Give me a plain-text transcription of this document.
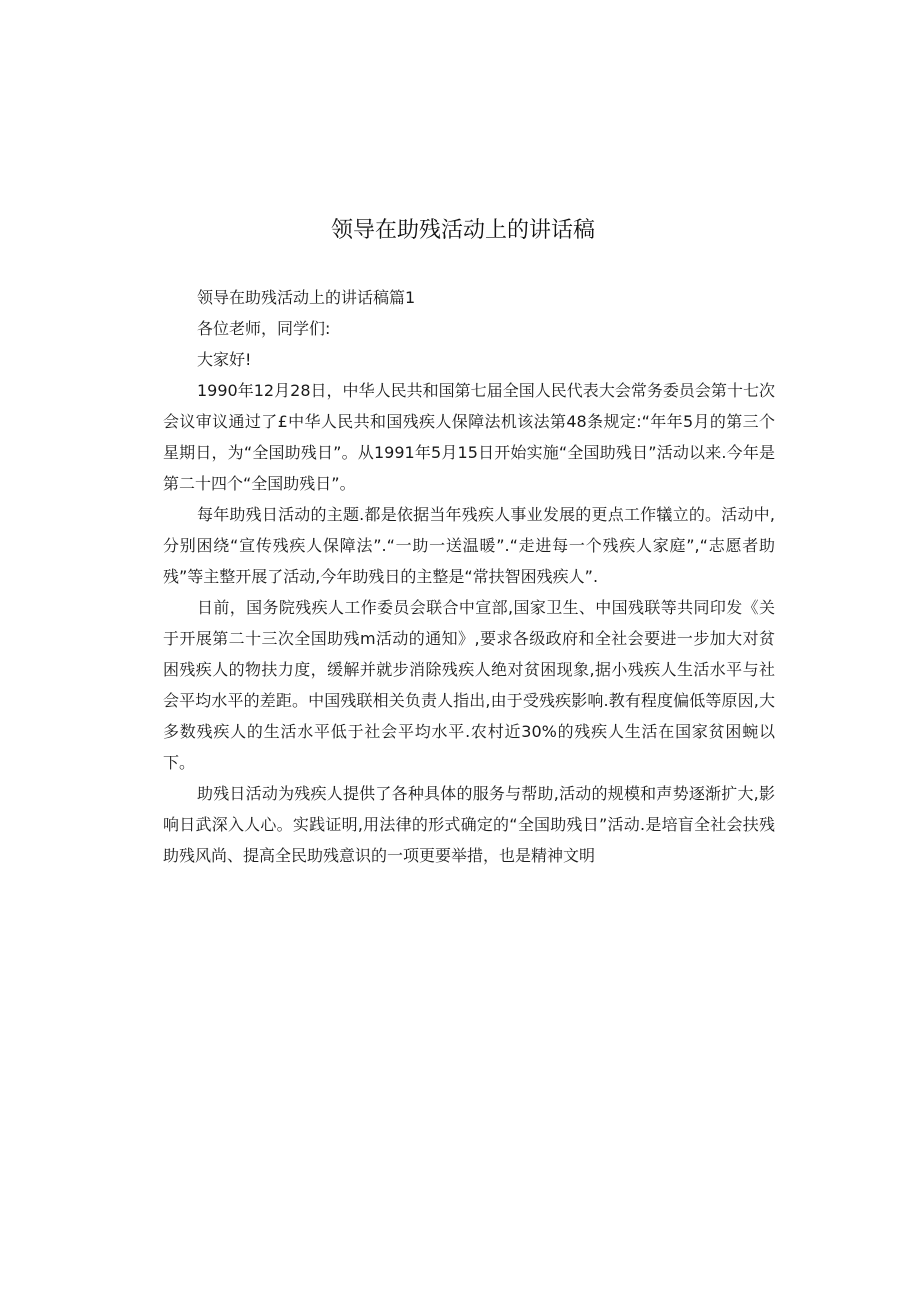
领导在助残活动上的讲话稿

领导在助残活动上的讲话稿篇1

各位老师，同学们:

大家好!

1990年12月28日，中华人民共和国第七届全国人民代表大会常务委员会第十七次会议审议通过了£中华人民共和国残疾人保障法机该法第48条规定:“年年5月的第三个星期日，为“全国助残日”。从1991年5月15日开始实施“全国助残日”活动以来.今年是第二十四个“全国助残日”。

每年助残日活动的主题.都是依据当年残疾人事业发展的更点工作犠立的。活动中,分别困绕“宣传残疾人保障法”.“一助一送温暖”.“走进每一个残疾人家庭”,“志愿者助残”等主整开展了活动,今年助残日的主整是“常扶智困残疾人”.

日前，国务院残疾人工作委员会联合中宣部,国家卫生、中国残联等共同印发《关于开展第二十三次全国助残m活动的通知》,要求各级政府和全社会要进一步加大对贫困残疾人的物扶力度，缓解并就步消除残疾人绝对贫困现象,据小残疾人生活水平与社会平均水平的差距。中国残联相关负责人指出,由于受残疾影响.教有程度偏低等原因,大多数残疾人的生活水平低于社会平均水平.农村近30%的残疾人生活在国家贫困蜿以下。

助残日活动为残疾人提供了各种具体的服务与帮助,活动的规模和声势逐渐扩大,影响日武深入人心。实践证明,用法律的形式确定的“全国助残日”活动.是培盲全社会扶残助残风尚、提高全民助残意识的一项更要举措，也是精神文明
